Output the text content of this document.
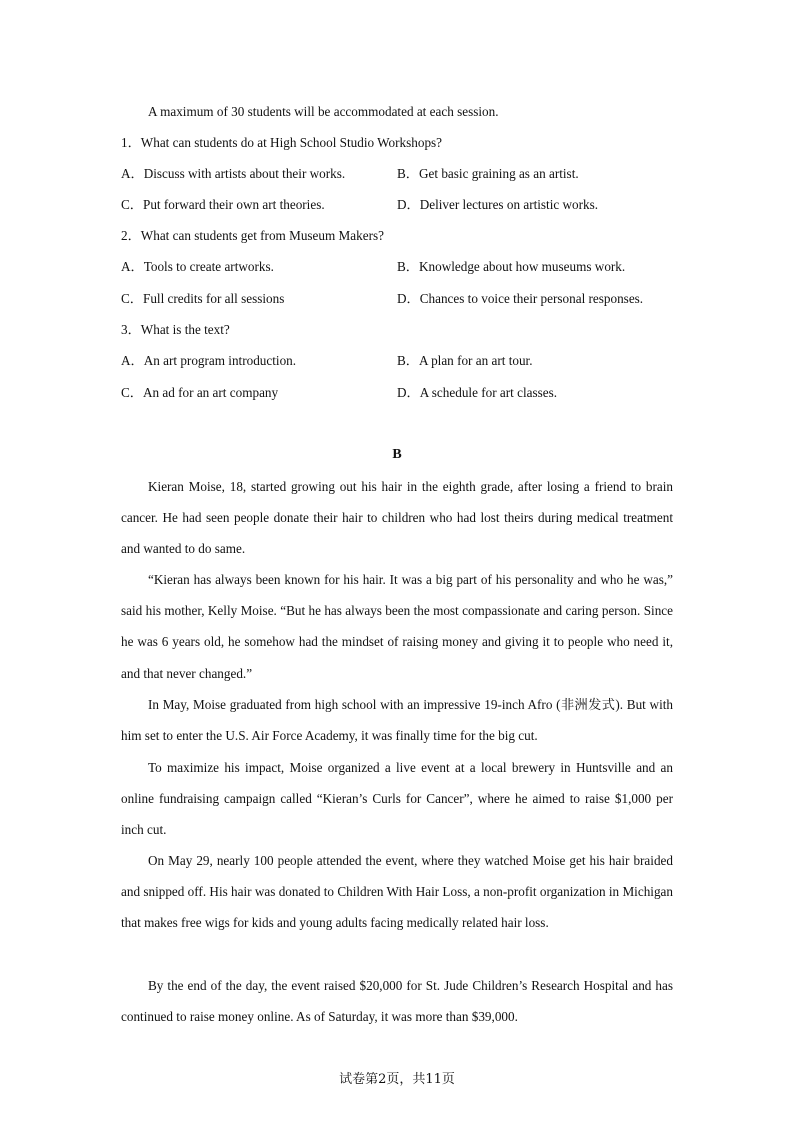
A maximum of 30 students will be accommodated at each session.
1．What can students do at High School Studio Workshops?
A．Discuss with artists about their works.	B．Get basic graining as an artist.
C．Put forward their own art theories.	D．Deliver lectures on artistic works.
2．What can students get from Museum Makers?
A．Tools to create artworks.	B．Knowledge about how museums work.
C．Full credits for all sessions	D．Chances to voice their personal responses.
3．What is the text?
A．An art program introduction.	B．A plan for an art tour.
C．An ad for an art company	D．A schedule for art classes.
B
Kieran Moise, 18, started growing out his hair in the eighth grade, after losing a friend to brain cancer. He had seen people donate their hair to children who had lost theirs during medical treatment and wanted to do same.
“Kieran has always been known for his hair. It was a big part of his personality and who he was,” said his mother, Kelly Moise. “But he has always been the most compassionate and caring person. Since he was 6 years old, he somehow had the mindset of raising money and giving it to people who need it, and that never changed.”
In May, Moise graduated from high school with an impressive 19-inch Afro (非洲发式). But with him set to enter the U.S. Air Force Academy, it was finally time for the big cut.
To maximize his impact, Moise organized a live event at a local brewery in Huntsville and an online fundraising campaign called “Kieran’s Curls for Cancer”, where he aimed to raise $1,000 per inch cut.
On May 29, nearly 100 people attended the event, where they watched Moise get his hair braided and snipped off. His hair was donated to Children With Hair Loss, a non-profit organization in Michigan that makes free wigs for kids and young adults facing medically related hair loss.
By the end of the day, the event raised $20,000 for St. Jude Children’s Research Hospital and has continued to raise money online. As of Saturday, it was more than $39,000.
试卷第2页，共11页
